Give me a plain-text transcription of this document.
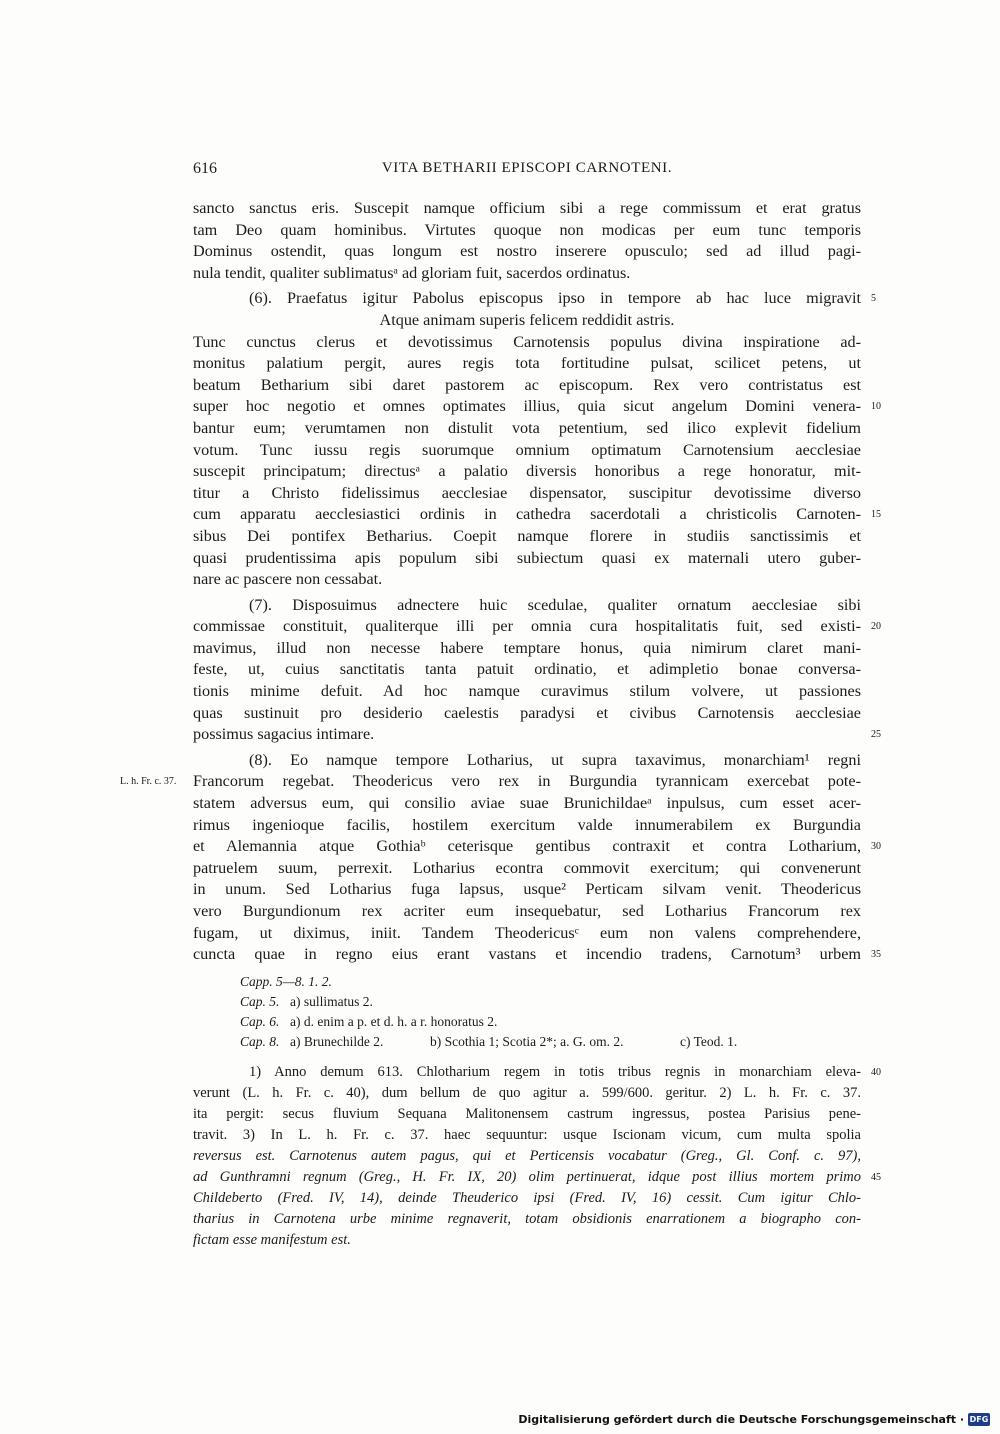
616	VITA BETHARII EPISCOPI CARNOTENI.
sancto sanctus eris. Suscepit namque officium sibi a rege commissum et erat gratus
tam Deo quam hominibus. Virtutes quoque non modicas per eum tunc temporis
Dominus ostendit, quas longum est nostro inserere opusculo; sed ad illud pagi-
nula tendit, qualiter sublimatusᵃ ad gloriam fuit, sacerdos ordinatus.
(6). Praefatus igitur Pabolus episcopus ipso in tempore ab hac luce migravit 5
Atque animam superis felicem reddidit astris.
Tunc cunctus clerus et devotissimus Carnotensis populus divina inspiratione ad-
monitus palatium pergit, aures regis tota fortitudine pulsat, scilicet petens, ut
beatum Betharium sibi daret pastorem ac episcopum. Rex vero contristatus est
super hoc negotio et omnes optimates illius, quia sicut angelum Domini venera- 10
bantur eum; verumtamen non distulit vota petentium, sed ilico explevit fidelium
votum. Tunc iussu regis suorumque omnium optimatum Carnotensium aecclesiae
suscepit principatum; directusᵃ a palatio diversis honoribus a rege honoratur, mit-
titur a Christo fidelissimus aecclesiae dispensator, suscipitur devotissime diverso
cum apparatu aecclesiastici ordinis in cathedra sacerdotali a christicolis Carnoten- 15
sibus Dei pontifex Betharius. Coepit namque florere in studiis sanctissimis et
quasi prudentissima apis populum sibi subiectum quasi ex maternali utero guber-
nare ac pascere non cessabat.
(7). Disposuimus adnectere huic scedulae, qualiter ornatum aecclesiae sibi
commissae constituit, qualiterque illi per omnia cura hospitalitatis fuit, sed existi- 20
mavimus, illud non necesse habere temptare honus, quia nimirum claret mani-
feste, ut, cuius sanctitatis tanta patuit ordinatio, et adimpletio bonae conversa-
tionis minime defuit. Ad hoc namque curavimus stilum volvere, ut passiones
quas sustinuit pro desiderio caelestis paradysi et civibus Carnotensis aecclesiae
possimus sagacius intimare.	25
(8). Eo namque tempore Lotharius, ut supra taxavimus, monarchiam¹ regni
L. h. Fr. c. 37. Francorum regebat. Theodericus vero rex in Burgundia tyrannicam exercebat pote-
statem adversus eum, qui consilio aviae suae Brunichildaeᵃ inpulsus, cum esset acer-
rimus ingenioque facilis, hostilem exercitum valde innumerabilem ex Burgundia
et Alemannia atque Gothiaᵇ ceterisque gentibus contraxit et contra Lotharium, 30
patruelem suum, perrexit. Lotharius econtra commovit exercitum; qui convenerunt
in unum. Sed Lotharius fuga lapsus, usque² Perticam silvam venit. Theodericus
vero Burgundionum rex acriter eum insequebatur, sed Lotharius Francorum rex
fugam, ut diximus, iniit. Tandem Theodericusᶜ eum non valens comprehendere,
cuncta quae in regno eius erant vastans et incendio tradens, Carnotum³ urbem 35
Capp. 5—8. 1. 2.
Cap. 5. a) sullimatus 2.
Cap. 6. a) d. enim a p. et d. h. a r. honoratus 2.
Cap. 8. a) Brunechilde 2.	b) Scothia 1; Scotia 2*; a. G. om. 2.	c) Teod. 1.
1) Anno demum 613. Chlotharium regem in totis tribus regnis in monarchiam eleva- 40
verunt (L. h. Fr. c. 40), dum bellum de quo agitur a. 599/600. geritur. 2) L. h. Fr. c. 37.
ita pergit: secus fluvium Sequana Malitonensem castrum ingressus, postea Parisius pene-
travit. 3) In L. h. Fr. c. 37. haec sequuntur: usque Iscionam vicum, cum multa spolia
reversus est. Carnotenus autem pagus, qui et Perticensis vocabatur (Greg., Gl. Conf. c. 97),
ad Gunthramni regnum (Greg., H. Fr. IX, 20) olim pertinuerat, idque post illius mortem primo 45
Childeberto (Fred. IV, 14), deinde Theuderico ipsi (Fred. IV, 16) cessit. Cum igitur Chlo-
tharius in Carnotena urbe minime regnaverit, totam obsidionis enarrationem a biographo con-
fictam esse manifestum est.
Digitalisierung gefördert durch die Deutsche Forschungsgemeinschaft · DFG
